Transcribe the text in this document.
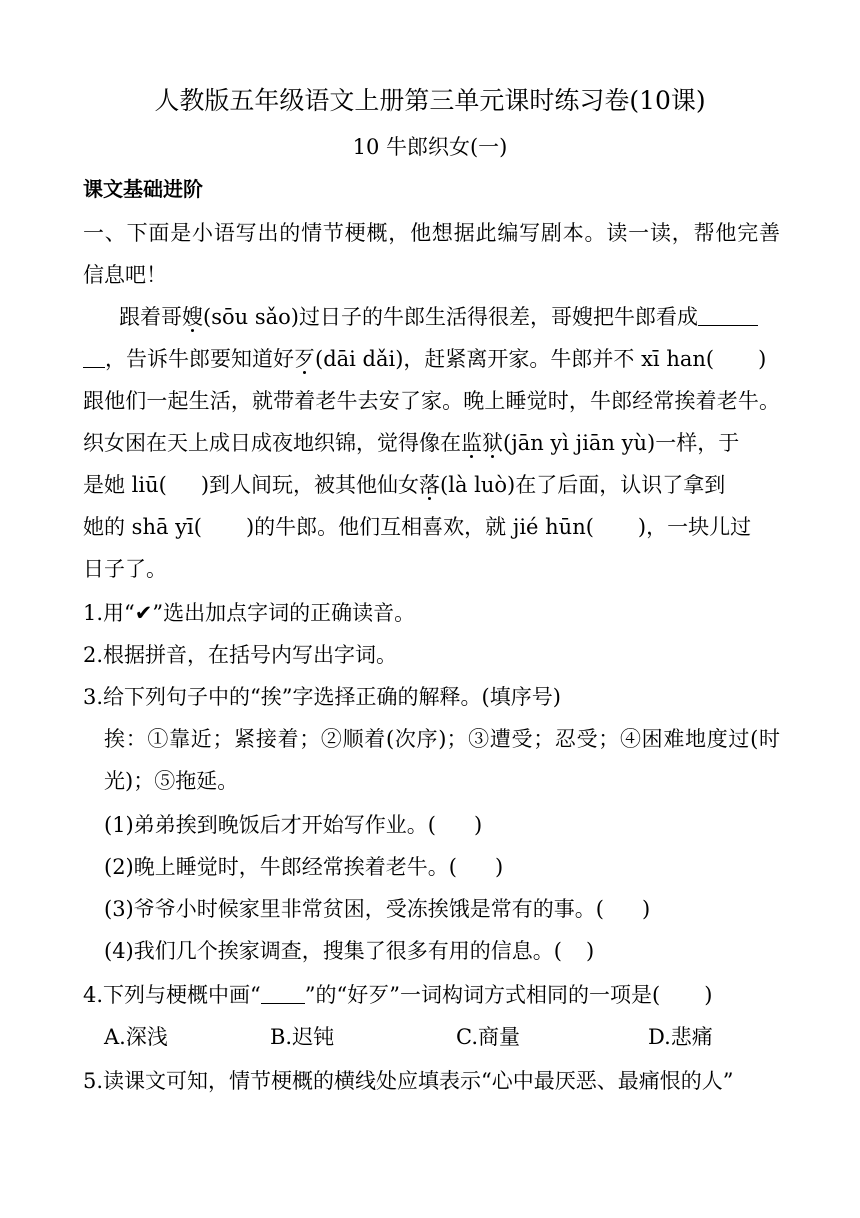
人教版五年级语文上册第三单元课时练习卷(10课)
10 牛郎织女(一)
课文基础进阶
一、下面是小语写出的情节梗概，他想据此编写剧本。读一读，帮他完善
信息吧！
跟着哥嫂(sōu sǎo)过日子的牛郎生活得很差，哥嫂把牛郎看成
，告诉牛郎要知道好歹(dāi dǎi)，赶紧离开家。牛郎并不 xī han( )
跟他们一起生活，就带着老牛去安了家。晚上睡觉时，牛郎经常挨着老牛。
织女困在天上成日成夜地织锦，觉得像在监狱(jān yì jiān yù)一样，于
是她 liū( )到人间玩，被其他仙女落(là luò)在了后面，认识了拿到
她的 shā yī( )的牛郎。他们互相喜欢，就 jié hūn( )，一块儿过
日子了。
1.用“✔”选出加点字词的正确读音。
2.根据拼音，在括号内写出字词。
3.给下列句子中的“挨”字选择正确的解释。(填序号)
挨：①靠近；紧接着；②顺着(次序)；③遭受；忍受；④困难地度过(时
光)；⑤拖延。
(1)弟弟挨到晚饭后才开始写作业。( )
(2)晚上睡觉时，牛郎经常挨着老牛。( )
(3)爷爷小时候家里非常贫困，受冻挨饿是常有的事。( )
(4)我们几个挨家调查，搜集了很多有用的信息。( )
4.下列与梗概中画“ ”的“好歹”一词构词方式相同的一项是( )
A.深浅	B.迟钝	C.商量	D.悲痛
5.读课文可知，情节梗概的横线处应填表示“心中最厌恶、最痛恨的人”
